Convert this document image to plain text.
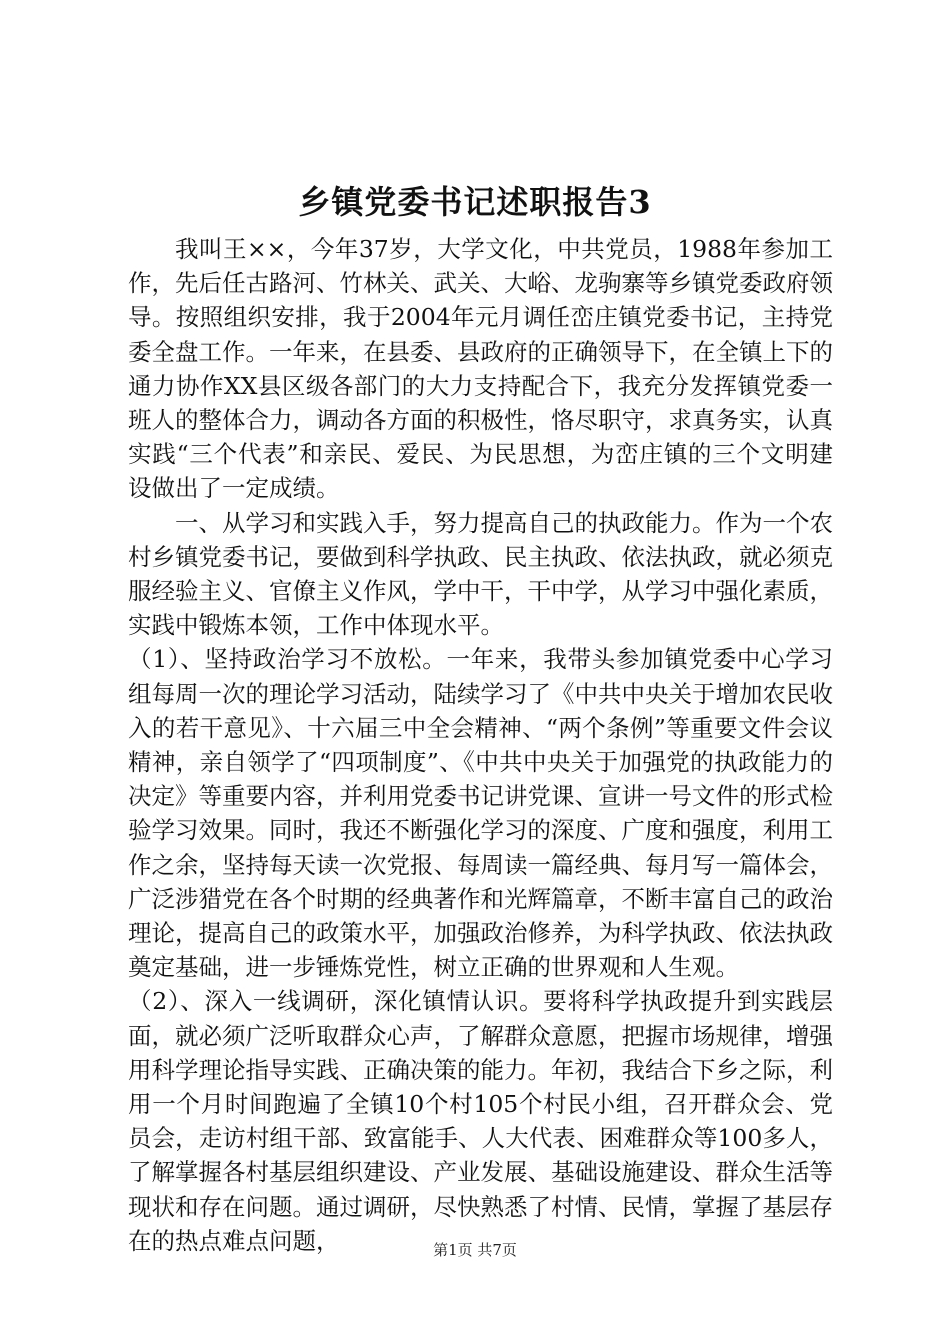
乡镇党委书记述职报告3

我叫王××，今年37岁，大学文化，中共党员，1988年参加工作，先后任古路河、竹林关、武关、大峪、龙驹寨等乡镇党委政府领导。按照组织安排，我于2004年元月调任峦庄镇党委书记，主持党委全盘工作。一年来，在县委、县政府的正确领导下，在全镇上下的通力协作XX县区级各部门的大力支持配合下，我充分发挥镇党委一班人的整体合力，调动各方面的积极性，恪尽职守，求真务实，认真实践“三个代表”和亲民、爱民、为民思想，为峦庄镇的三个文明建设做出了一定成绩。

一、从学习和实践入手，努力提高自己的执政能力。作为一个农村乡镇党委书记，要做到科学执政、民主执政、依法执政，就必须克服经验主义、官僚主义作风，学中干，干中学，从学习中强化素质，实践中锻炼本领，工作中体现水平。

（1）、坚持政治学习不放松。一年来，我带头参加镇党委中心学习组每周一次的理论学习活动，陆续学习了《中共中央关于增加农民收入的若干意见》、十六届三中全会精神、“两个条例”等重要文件会议精神，亲自领学了“四项制度”、《中共中央关于加强党的执政能力的决定》等重要内容，并利用党委书记讲党课、宣讲一号文件的形式检验学习效果。同时，我还不断强化学习的深度、广度和强度，利用工作之余，坚持每天读一次党报、每周读一篇经典、每月写一篇体会，广泛涉猎党在各个时期的经典著作和光辉篇章，不断丰富自己的政治理论，提高自己的政策水平，加强政治修养，为科学执政、依法执政奠定基础，进一步锤炼党性，树立正确的世界观和人生观。

（2）、深入一线调研，深化镇情认识。要将科学执政提升到实践层面，就必须广泛听取群众心声，了解群众意愿，把握市场规律，增强用科学理论指导实践、正确决策的能力。年初，我结合下乡之际，利用一个月时间跑遍了全镇10个村105个村民小组，召开群众会、党员会，走访村组干部、致富能手、人大代表、困难群众等100多人，了解掌握各村基层组织建设、产业发展、基础设施建设、群众生活等现状和存在问题。通过调研，尽快熟悉了村情、民情，掌握了基层存在的热点难点问题，	第1页 共7页
